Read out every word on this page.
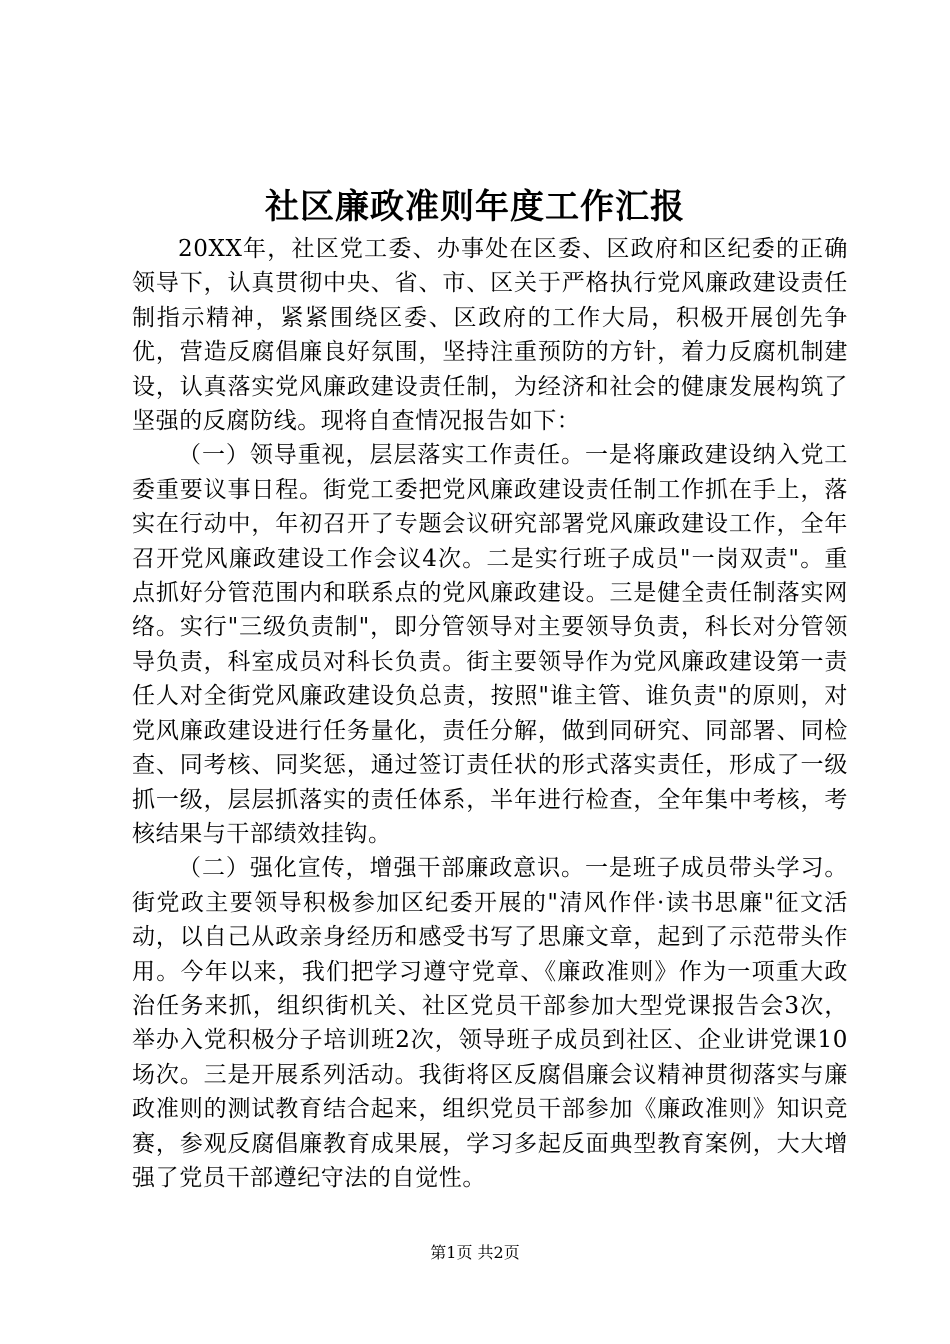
社区廉政准则年度工作汇报

20XX年，社区党工委、办事处在区委、区政府和区纪委的正确领导下，认真贯彻中央、省、市、区关于严格执行党风廉政建设责任制指示精神，紧紧围绕区委、区政府的工作大局，积极开展创先争优，营造反腐倡廉良好氛围，坚持注重预防的方针，着力反腐机制建设，认真落实党风廉政建设责任制，为经济和社会的健康发展构筑了坚强的反腐防线。现将自查情况报告如下：

（一）领导重视，层层落实工作责任。一是将廉政建设纳入党工委重要议事日程。街党工委把党风廉政建设责任制工作抓在手上，落实在行动中，年初召开了专题会议研究部署党风廉政建设工作，全年召开党风廉政建设工作会议4次。二是实行班子成员"一岗双责"。重点抓好分管范围内和联系点的党风廉政建设。三是健全责任制落实网络。实行"三级负责制"，即分管领导对主要领导负责，科长对分管领导负责，科室成员对科长负责。街主要领导作为党风廉政建设第一责任人对全街党风廉政建设负总责，按照"谁主管、谁负责"的原则，对党风廉政建设进行任务量化，责任分解，做到同研究、同部署、同检查、同考核、同奖惩，通过签订责任状的形式落实责任，形成了一级抓一级，层层抓落实的责任体系，半年进行检查，全年集中考核，考核结果与干部绩效挂钩。

（二）强化宣传，增强干部廉政意识。一是班子成员带头学习。街党政主要领导积极参加区纪委开展的"清风作伴·读书思廉"征文活动，以自己从政亲身经历和感受书写了思廉文章，起到了示范带头作用。今年以来，我们把学习遵守党章、《廉政准则》作为一项重大政治任务来抓，组织街机关、社区党员干部参加大型党课报告会3次，举办入党积极分子培训班2次，领导班子成员到社区、企业讲党课10场次。三是开展系列活动。我街将区反腐倡廉会议精神贯彻落实与廉政准则的测试教育结合起来，组织党员干部参加《廉政准则》知识竞赛，参观反腐倡廉教育成果展，学习多起反面典型教育案例，大大增强了党员干部遵纪守法的自觉性。

第1页 共2页
